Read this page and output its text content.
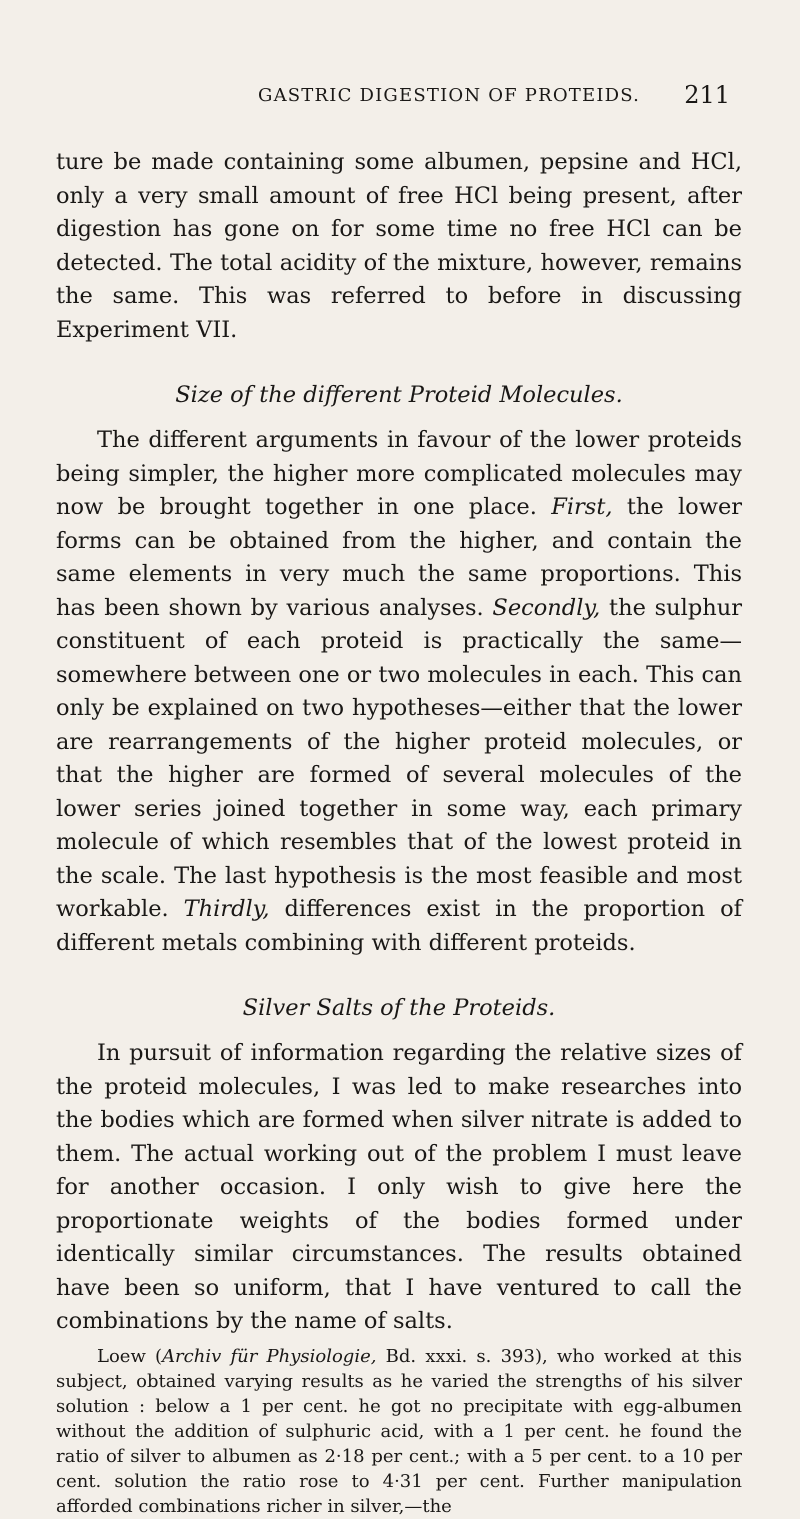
GASTRIC DIGESTION OF PROTEIDS. 211

ture be made containing some albumen, pepsine and HCl, only a very small amount of free HCl being present, after digestion has gone on for some time no free HCl can be detected. The total acidity of the mixture, however, remains the same. This was referred to before in discussing Experiment VII.

Size of the different Proteid Molecules.

The different arguments in favour of the lower proteids being simpler, the higher more complicated molecules may now be brought together in one place. First, the lower forms can be obtained from the higher, and contain the same elements in very much the same proportions. This has been shown by various analyses. Secondly, the sulphur constituent of each proteid is practically the same—somewhere between one or two molecules in each. This can only be explained on two hypotheses—either that the lower are rearrangements of the higher proteid molecules, or that the higher are formed of several molecules of the lower series joined together in some way, each primary molecule of which resembles that of the lowest proteid in the scale. The last hypothesis is the most feasible and most workable. Thirdly, differences exist in the proportion of different metals combining with different proteids.

Silver Salts of the Proteids.

In pursuit of information regarding the relative sizes of the proteid molecules, I was led to make researches into the bodies which are formed when silver nitrate is added to them. The actual working out of the problem I must leave for another occasion. I only wish to give here the proportionate weights of the bodies formed under identically similar circumstances. The results obtained have been so uniform, that I have ventured to call the combinations by the name of salts.

Loew (Archiv für Physiologie, Bd. xxxi. s. 393), who worked at this subject, obtained varying results as he varied the strengths of his silver solution : below a 1 per cent. he got no precipitate with egg-albumen without the addition of sulphuric acid, with a 1 per cent. he found the ratio of silver to albumen as 2·18 per cent.; with a 5 per cent. to a 10 per cent. solution the ratio rose to 4·31 per cent. Further manipulation afforded combinations richer in silver,—the
